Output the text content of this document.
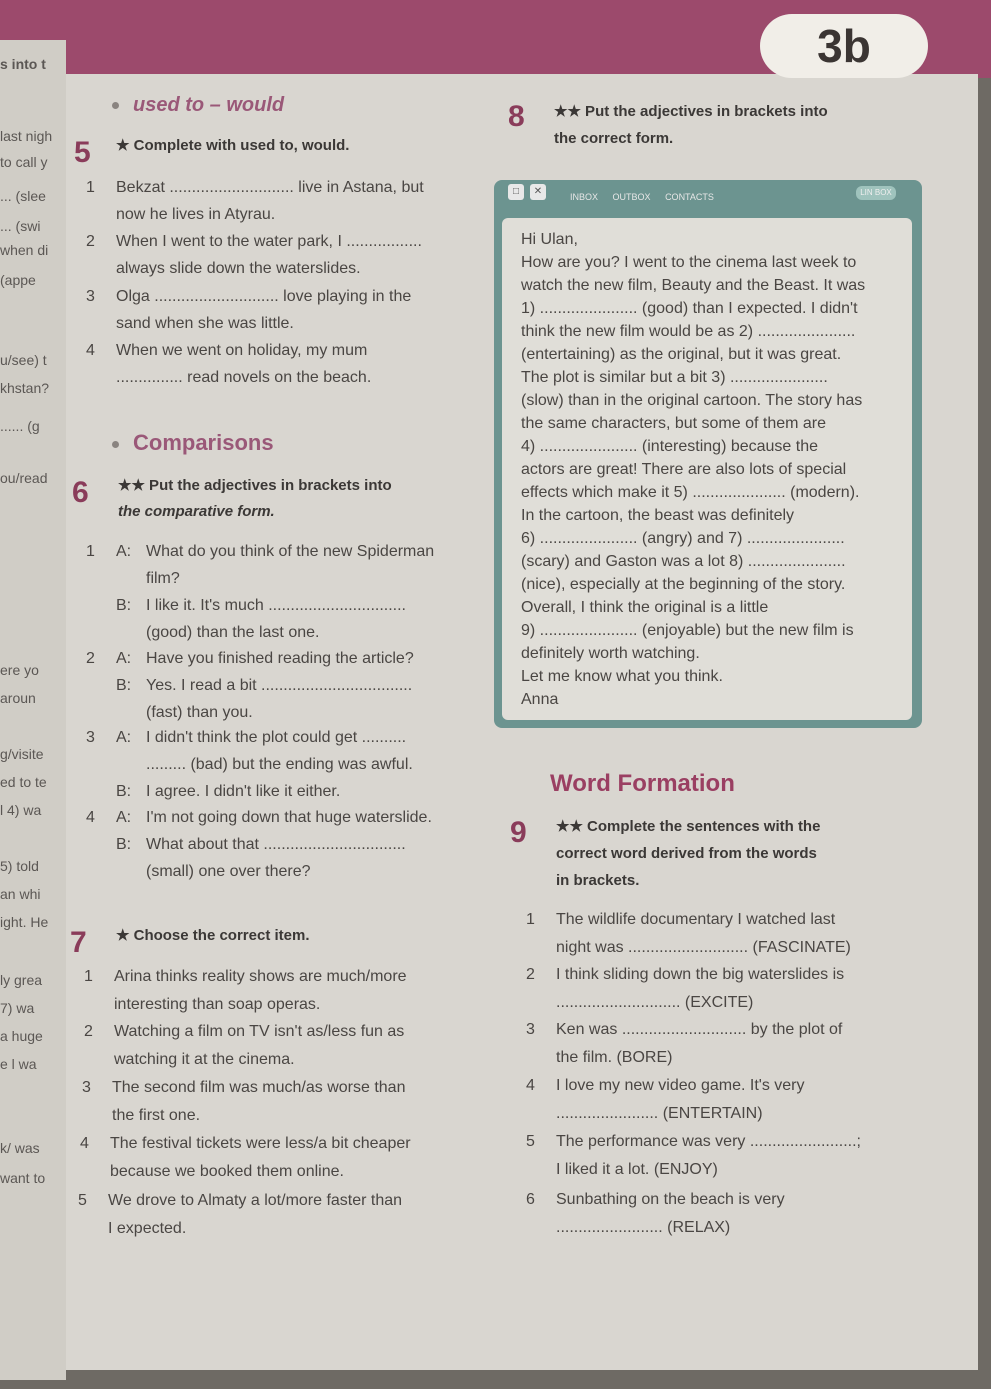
s into t
last nigh
to call y
... (slee
... (swi
when di
(appe
u/see) t
khstan?
...... (g
ou/read
ere yo
aroun
g/visite
ed to te
l 4) wa
5) told
an whi
ight. He
ly grea
7) wa
a huge
e l wa
k/ was
want to
3b
used to – would
5 ★ Complete with used to, would.
1 Bekzat ............................ live in Astana, but
now he lives in Atyrau.
2 When I went to the water park, I .................
always slide down the waterslides.
3 Olga ............................ love playing in the
sand when she was little.
4 When we went on holiday, my mum
............... read novels on the beach.
Comparisons
6 ★★ Put the adjectives in brackets into
the comparative form.
1 A: What do you think of the new Spiderman
film?
B: I like it. It's much ...............................
(good) than the last one.
2 A: Have you finished reading the article?
B: Yes. I read a bit ..................................
(fast) than you.
3 A: I didn't think the plot could get ..........
......... (bad) but the ending was awful.
B: I agree. I didn't like it either.
4 A: I'm not going down that huge waterslide.
B: What about that ................................
(small) one over there?
7 ★ Choose the correct item.
1 Arina thinks reality shows are much/more
interesting than soap operas.
2 Watching a film on TV isn't as/less fun as
watching it at the cinema.
3 The second film was much/as worse than
the first one.
4 The festival tickets were less/a bit cheaper
because we booked them online.
5 We drove to Almaty a lot/more faster than
I expected.
8 ★★ Put the adjectives in brackets into
the correct form.
□	✕	INBOX OUTBOX CONTACTS	LIN BOX
Hi Ulan,
How are you? I went to the cinema last week to
watch the new film, Beauty and the Beast. It was
1) ...................... (good) than I expected. I didn't
think the new film would be as 2) ......................
(entertaining) as the original, but it was great.
The plot is similar but a bit 3) ......................
(slow) than in the original cartoon. The story has
the same characters, but some of them are
4) ...................... (interesting) because the
actors are great! There are also lots of special
effects which make it 5) ..................... (modern).
In the cartoon, the beast was definitely
6) ...................... (angry) and 7) ......................
(scary) and Gaston was a lot 8) ......................
(nice), especially at the beginning of the story.
Overall, I think the original is a little
9) ...................... (enjoyable) but the new film is
definitely worth watching.
Let me know what you think.
Anna
Word Formation
9 ★★ Complete the sentences with the
correct word derived from the words
in brackets.
1 The wildlife documentary I watched last
night was ........................... (FASCINATE)
2 I think sliding down the big waterslides is
............................ (EXCITE)
3 Ken was ............................ by the plot of
the film. (BORE)
4 I love my new video game. It's very
....................... (ENTERTAIN)
5 The performance was very ........................;
I liked it a lot. (ENJOY)
6 Sunbathing on the beach is very
........................ (RELAX)
